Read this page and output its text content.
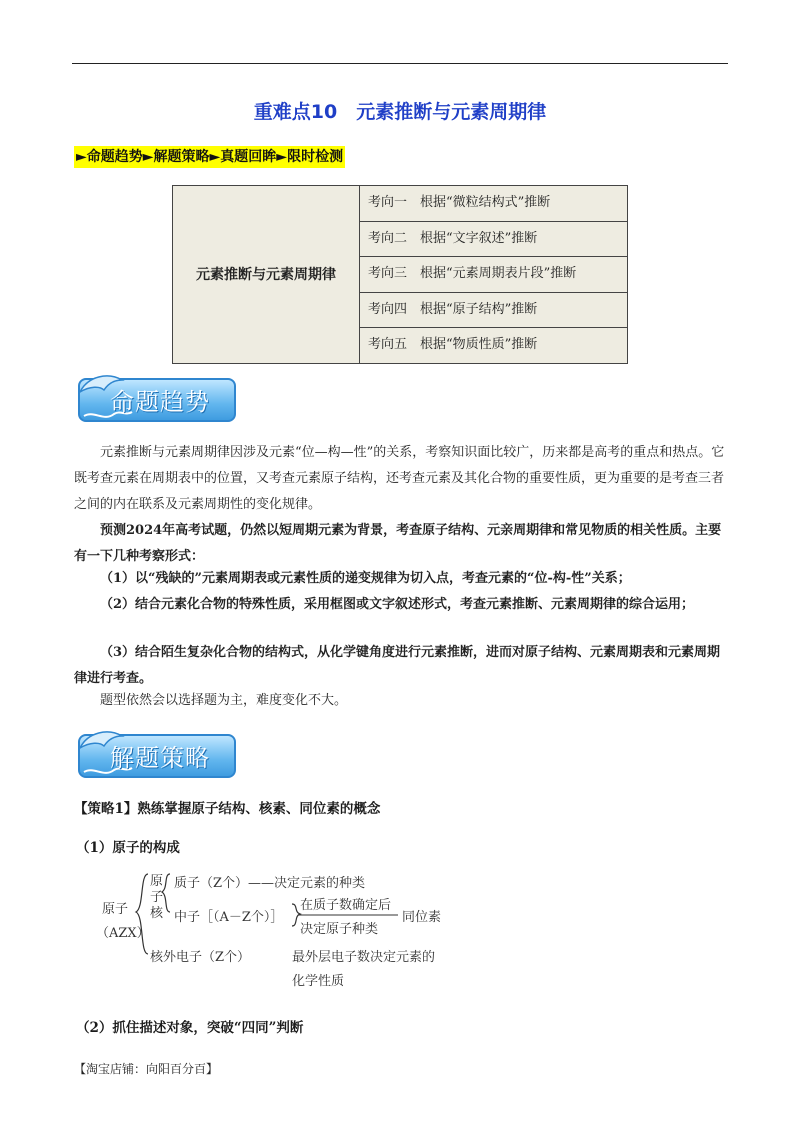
重难点10　元素推断与元素周期律
►命题趋势►解题策略►真题回眸►限时检测
元素推断与元素周期律	考向一　根据“微粒结构式”推断
考向二　根据“文字叙述”推断
考向三　根据“元素周期表片段”推断
考向四　根据“原子结构”推断
考向五　根据“物质性质”推断
命题趋势
元素推断与元素周期律因涉及元素“位—构—性”的关系，考察知识面比较广，历来都是高考的重点和热点。它既考查元素在周期表中的位置，又考查元素原子结构，还考查元素及其化合物的重要性质，更为重要的是考查三者之间的内在联系及元素周期性的变化规律。
预测2024年高考试题，仍然以短周期元素为背景，考查原子结构、元亲周期律和常见物质的相关性质。主要有一下几种考察形式：
（1）以“残缺的”元素周期表或元素性质的递变规律为切入点，考查元素的“位-构-性”关系；
（2）结合元素化合物的特殊性质，采用框图或文字叙述形式，考查元素推断、元素周期律的综合运用；
（3）结合陌生复杂化合物的结构式，从化学键角度进行元素推断，进而对原子结构、元素周期表和元素周期律进行考查。
题型依然会以选择题为主，难度变化不大。
解题策略
【策略1】熟练掌握原子结构、核素、同位素的概念
（1）原子的构成
原子
（AZX）
原
子
核
质子（Z个）——决定元素的种类
中子［（A－Z个）］
在质子数确定后
决定原子种类
同位素
核外电子（Z个）	最外层电子数决定元素的
化学性质
（2）抓住描述对象，突破“四同”判断
【淘宝店铺：向阳百分百】
